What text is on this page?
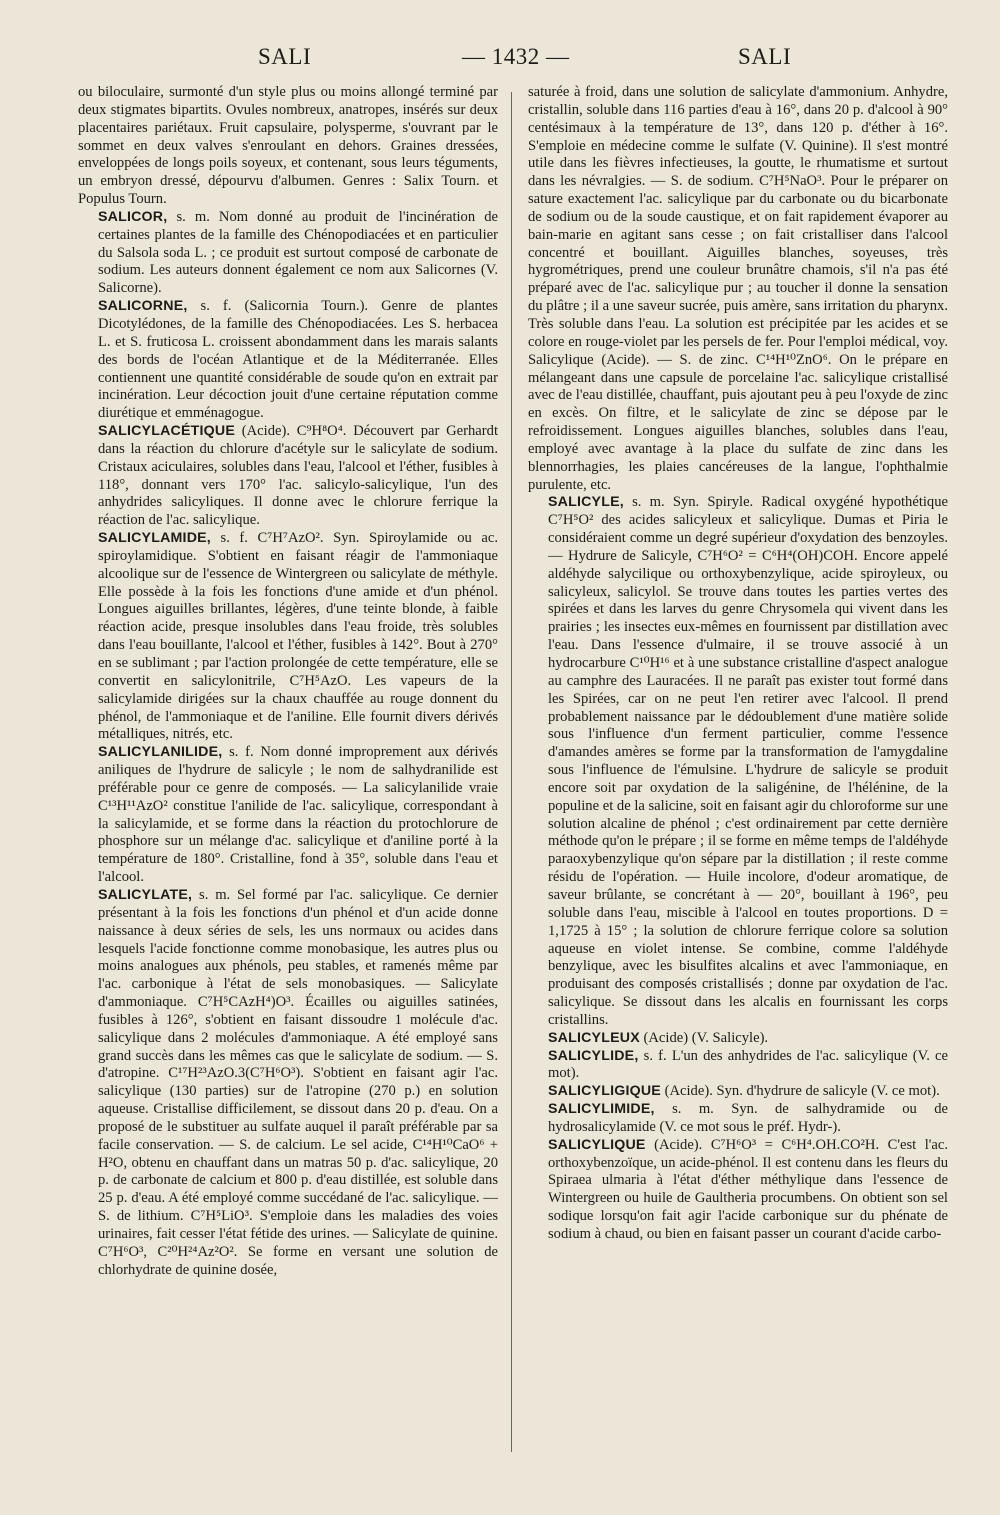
SALI	— 1432 —	SALI

ou biloculaire, surmonté d'un style plus ou moins allongé terminé par deux stigmates bipartits. Ovules nombreux, anatropes, insérés sur deux placentaires pariétaux. Fruit capsulaire, polysperme, s'ouvrant par le sommet en deux valves s'enroulant en dehors. Graines dressées, enveloppées de longs poils soyeux, et contenant, sous leurs téguments, un embryon dressé, dépourvu d'albumen. Genres : Salix Tourn. et Populus Tourn.

SALICOR, s. m. Nom donné au produit de l'incinération de certaines plantes de la famille des Chénopodiacées et en particulier du Salsola soda L. ; ce produit est surtout composé de carbonate de sodium. Les auteurs donnent également ce nom aux Salicornes (V. Salicorne).

SALICORNE, s. f. (Salicornia Tourn.). Genre de plantes Dicotylédones, de la famille des Chénopodiacées. Les S. herbacea L. et S. fruticosa L. croissent abondamment dans les marais salants des bords de l'océan Atlantique et de la Méditerranée. Elles contiennent une quantité considérable de soude qu'on en extrait par incinération. Leur décoction jouit d'une certaine réputation comme diurétique et emménagogue.

SALICYLACÉTIQUE (Acide). C⁹H⁸O⁴. Découvert par Gerhardt dans la réaction du chlorure d'acétyle sur le salicylate de sodium. Cristaux aciculaires, solubles dans l'eau, l'alcool et l'éther, fusibles à 118°, donnant vers 170° l'ac. salicylo-salicylique, l'un des anhydrides salicyliques. Il donne avec le chlorure ferrique la réaction de l'ac. salicylique.

SALICYLAMIDE, s. f. C⁷H⁷AzO². Syn. Spiroylamide ou ac. spiroylamidique. S'obtient en faisant réagir de l'ammoniaque alcoolique sur de l'essence de Wintergreen ou salicylate de méthyle. Elle possède à la fois les fonctions d'une amide et d'un phénol. Longues aiguilles brillantes, légères, d'une teinte blonde, à faible réaction acide, presque insolubles dans l'eau froide, très solubles dans l'eau bouillante, l'alcool et l'éther, fusibles à 142°. Bout à 270° en se sublimant ; par l'action prolongée de cette température, elle se convertit en salicylonitrile, C⁷H⁵AzO. Les vapeurs de la salicylamide dirigées sur la chaux chauffée au rouge donnent du phénol, de l'ammoniaque et de l'aniline. Elle fournit divers dérivés métalliques, nitrés, etc.

SALICYLANILIDE, s. f. Nom donné improprement aux dérivés aniliques de l'hydrure de salicyle ; le nom de salhydranilide est préférable pour ce genre de composés. — La salicylanilide vraie C¹³H¹¹AzO² constitue l'anilide de l'ac. salicylique, correspondant à la salicylamide, et se forme dans la réaction du protochlorure de phosphore sur un mélange d'ac. salicylique et d'aniline porté à la température de 180°. Cristalline, fond à 35°, soluble dans l'eau et l'alcool.

SALICYLATE, s. m. Sel formé par l'ac. salicylique. Ce dernier présentant à la fois les fonctions d'un phénol et d'un acide donne naissance à deux séries de sels, les uns normaux ou acides dans lesquels l'acide fonctionne comme monobasique, les autres plus ou moins analogues aux phénols, peu stables, et ramenés même par l'ac. carbonique à l'état de sels monobasiques. — Salicylate d'ammoniaque. C⁷H⁵CAzH⁴)O³. Écailles ou aiguilles satinées, fusibles à 126°, s'obtient en faisant dissoudre 1 molécule d'ac. salicylique dans 2 molécules d'ammoniaque. A été employé sans grand succès dans les mêmes cas que le salicylate de sodium. — S. d'atropine. C¹⁷H²³AzO.3(C⁷H⁶O³). S'obtient en faisant agir l'ac. salicylique (130 parties) sur de l'atropine (270 p.) en solution aqueuse. Cristallise difficilement, se dissout dans 20 p. d'eau. On a proposé de le substituer au sulfate auquel il paraît préférable par sa facile conservation. — S. de calcium. Le sel acide, C¹⁴H¹⁰CaO⁶ + H²O, obtenu en chauffant dans un matras 50 p. d'ac. salicylique, 20 p. de carbonate de calcium et 800 p. d'eau distillée, est soluble dans 25 p. d'eau. A été employé comme succédané de l'ac. salicylique. — S. de lithium. C⁷H⁵LiO³. S'emploie dans les maladies des voies urinaires, fait cesser l'état fétide des urines. — Salicylate de quinine. C⁷H⁶O³, C²⁰H²⁴Az²O². Se forme en versant une solution de chlorhydrate de quinine dosée,

saturée à froid, dans une solution de salicylate d'ammonium. Anhydre, cristallin, soluble dans 116 parties d'eau à 16°, dans 20 p. d'alcool à 90° centésimaux à la température de 13°, dans 120 p. d'éther à 16°. S'emploie en médecine comme le sulfate (V. Quinine). Il s'est montré utile dans les fièvres infectieuses, la goutte, le rhumatisme et surtout dans les névralgies. — S. de sodium. C⁷H⁵NaO³. Pour le préparer on sature exactement l'ac. salicylique par du carbonate ou du bicarbonate de sodium ou de la soude caustique, et on fait rapidement évaporer au bain-marie en agitant sans cesse ; on fait cristalliser dans l'alcool concentré et bouillant. Aiguilles blanches, soyeuses, très hygrométriques, prend une couleur brunâtre chamois, s'il n'a pas été préparé avec de l'ac. salicylique pur ; au toucher il donne la sensation du plâtre ; il a une saveur sucrée, puis amère, sans irritation du pharynx. Très soluble dans l'eau. La solution est précipitée par les acides et se colore en rouge-violet par les persels de fer. Pour l'emploi médical, voy. Salicylique (Acide). — S. de zinc. C¹⁴H¹⁰ZnO⁶. On le prépare en mélangeant dans une capsule de porcelaine l'ac. salicylique cristallisé avec de l'eau distillée, chauffant, puis ajoutant peu à peu l'oxyde de zinc en excès. On filtre, et le salicylate de zinc se dépose par le refroidissement. Longues aiguilles blanches, solubles dans l'eau, employé avec avantage à la place du sulfate de zinc dans les blennorrhagies, les plaies cancéreuses de la langue, l'ophthalmie purulente, etc.

SALICYLE, s. m. Syn. Spiryle. Radical oxygéné hypothétique C⁷H⁵O² des acides salicyleux et salicylique. Dumas et Piria le considéraient comme un degré supérieur d'oxydation des benzoyles. — Hydrure de Salicyle, C⁷H⁶O² = C⁶H⁴(OH)COH. Encore appelé aldéhyde salycilique ou orthoxybenzylique, acide spiroyleux, ou salicyleux, salicylol. Se trouve dans toutes les parties vertes des spirées et dans les larves du genre Chrysomela qui vivent dans les prairies ; les insectes eux-mêmes en fournissent par distillation avec l'eau. Dans l'essence d'ulmaire, il se trouve associé à un hydrocarbure C¹⁰H¹⁶ et à une substance cristalline d'aspect analogue au camphre des Lauracées. Il ne paraît pas exister tout formé dans les Spirées, car on ne peut l'en retirer avec l'alcool. Il prend probablement naissance par le dédoublement d'une matière solide sous l'influence d'un ferment particulier, comme l'essence d'amandes amères se forme par la transformation de l'amygdaline sous l'influence de l'émulsine. L'hydrure de salicyle se produit encore soit par oxydation de la saligénine, de l'hélénine, de la populine et de la salicine, soit en faisant agir du chloroforme sur une solution alcaline de phénol ; c'est ordinairement par cette dernière méthode qu'on le prépare ; il se forme en même temps de l'aldéhyde paraoxybenzylique qu'on sépare par la distillation ; il reste comme résidu de l'opération. — Huile incolore, d'odeur aromatique, de saveur brûlante, se concrétant à — 20°, bouillant à 196°, peu soluble dans l'eau, miscible à l'alcool en toutes proportions. D = 1,1725 à 15° ; la solution de chlorure ferrique colore sa solution aqueuse en violet intense. Se combine, comme l'aldéhyde benzylique, avec les bisulfites alcalins et avec l'ammoniaque, en produisant des composés cristallisés ; donne par oxydation de l'ac. salicylique. Se dissout dans les alcalis en fournissant les corps cristallins.

SALICYLEUX (Acide) (V. Salicyle).

SALICYLIDE, s. f. L'un des anhydrides de l'ac. salicylique (V. ce mot).

SALICYLIGIQUE (Acide). Syn. d'hydrure de salicyle (V. ce mot).

SALICYLIMIDE, s. m. Syn. de salhydramide ou de hydrosalicylamide (V. ce mot sous le préf. Hydr-).

SALICYLIQUE (Acide). C⁷H⁶O³ = C⁶H⁴.OH.CO²H. C'est l'ac. orthoxybenzoïque, un acide-phénol. Il est contenu dans les fleurs du Spiraea ulmaria à l'état d'éther méthylique dans l'essence de Wintergreen ou huile de Gaultheria procumbens. On obtient son sel sodique lorsqu'on fait agir l'acide carbonique sur du phénate de sodium à chaud, ou bien en faisant passer un courant d'acide carbo-
